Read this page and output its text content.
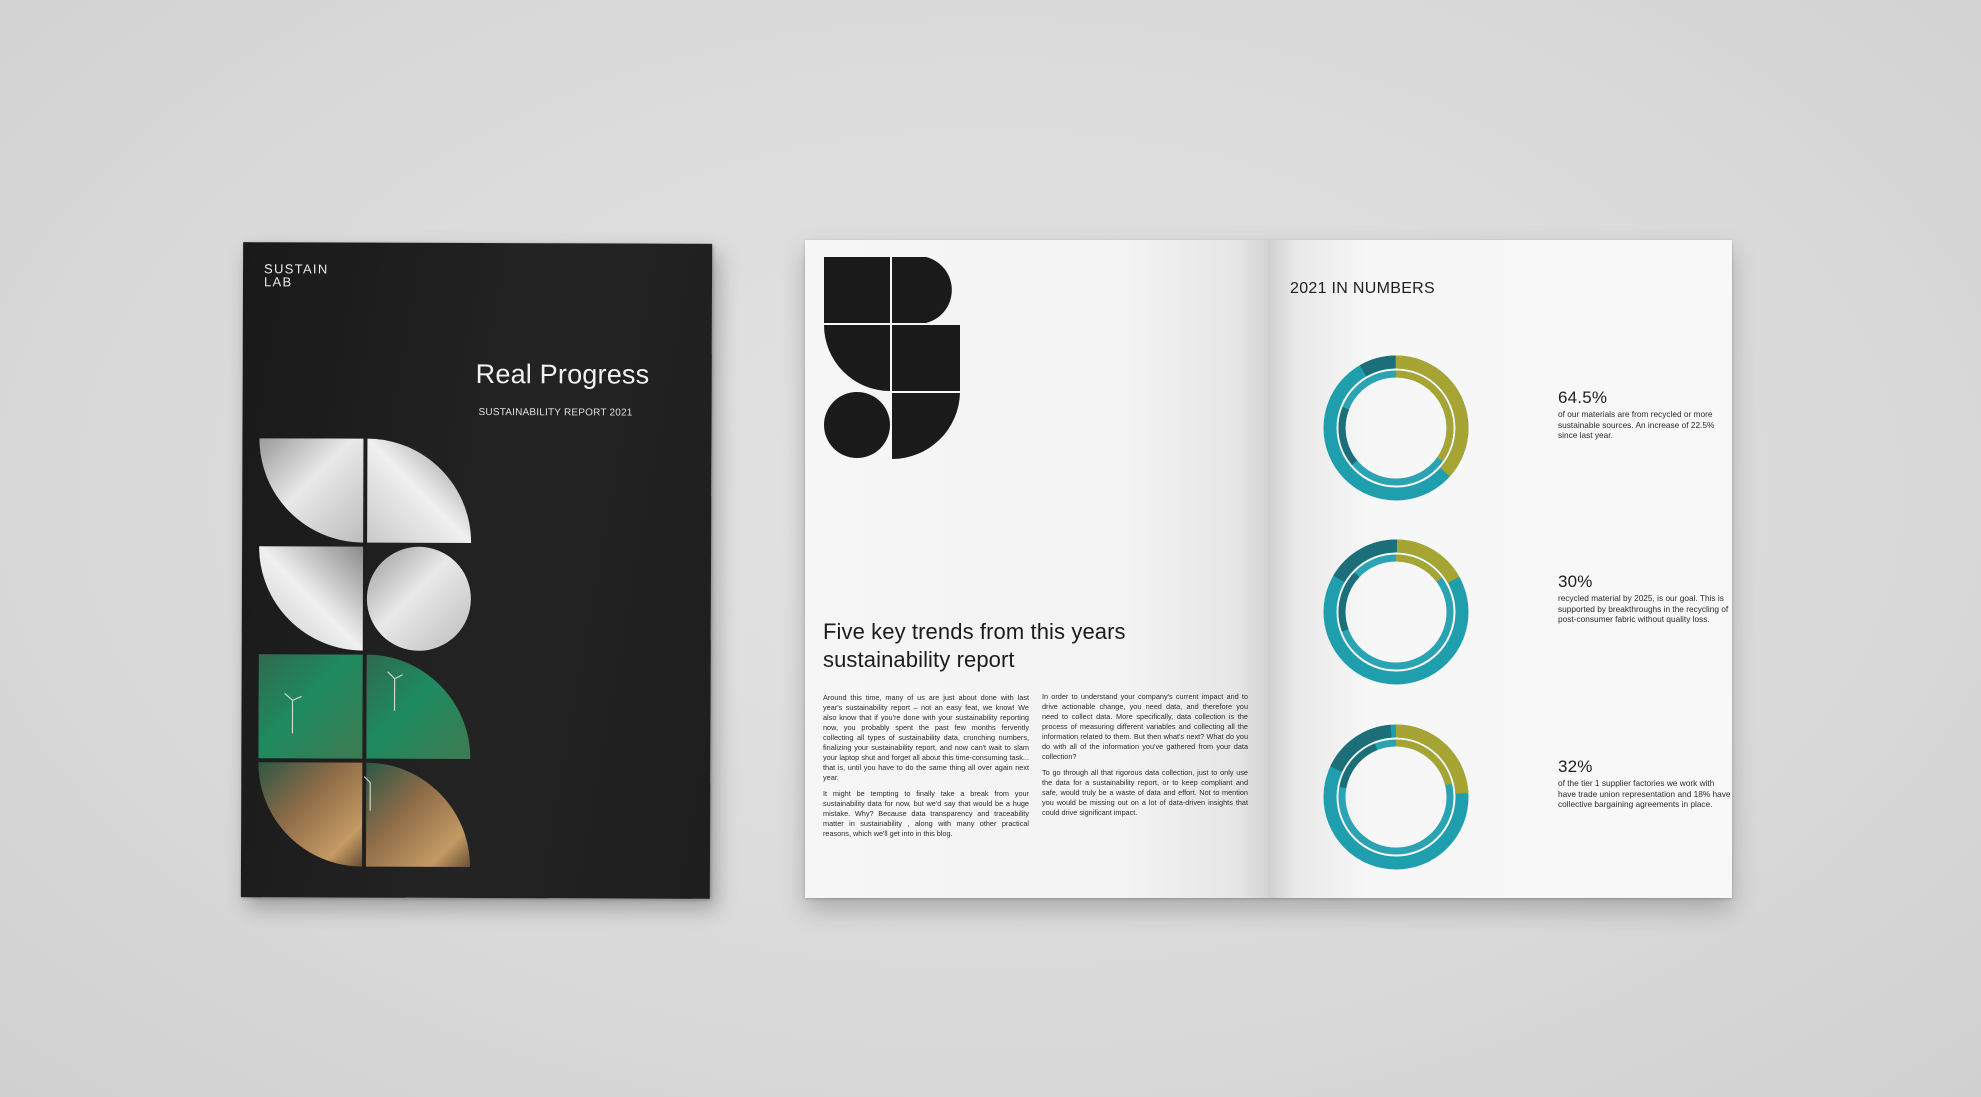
SUSTAIN
LAB
Real Progress
SUSTAINABILITY REPORT 2021
Five key trends from this years
sustainability report

Around this time, many of us are just about done with last year's sustainability report – not an easy feat, we know! We also know that if you're done with your sustainability reporting now, you probably spent the past few months fervently collecting all types of sustainability data, crunching numbers, finalizing your sustainability report, and now can't wait to slam your laptop shut and forget all about this time-consuming task... that is, until you have to do the same thing all over again next year.

It might be tempting to finally take a break from your sustainability data for now, but we'd say that would be a huge mistake. Why? Because data transparency and traceability matter in sustainability , along with many other practical reasons, which we'll get into in this blog.

In order to understand your company's current impact and to drive actionable change, you need data, and therefore you need to collect data. More specifically, data collection is the process of measuring different variables and collecting all the information related to them. But then what's next? What do you do with all of the information you've gathered from your data collection?

To go through all that rigorous data collection, just to only use the data for a sustainability report, or to keep compliant and safe, would truly be a waste of data and effort. Not to mention you would be missing out on a lot of data-driven insights that could drive significant impact.

2021 IN NUMBERS
64.5%
of our materials are from recycled or more sustainable sources. An increase of 22.5% since last year.
30%
recycled material by 2025, is our goal. This is supported by breakthroughs in the recycling of post-consumer fabric without quality loss.
32%
of the tier 1 supplier factories we work with have trade union representation and 18% have collective bargaining agreements in place.
